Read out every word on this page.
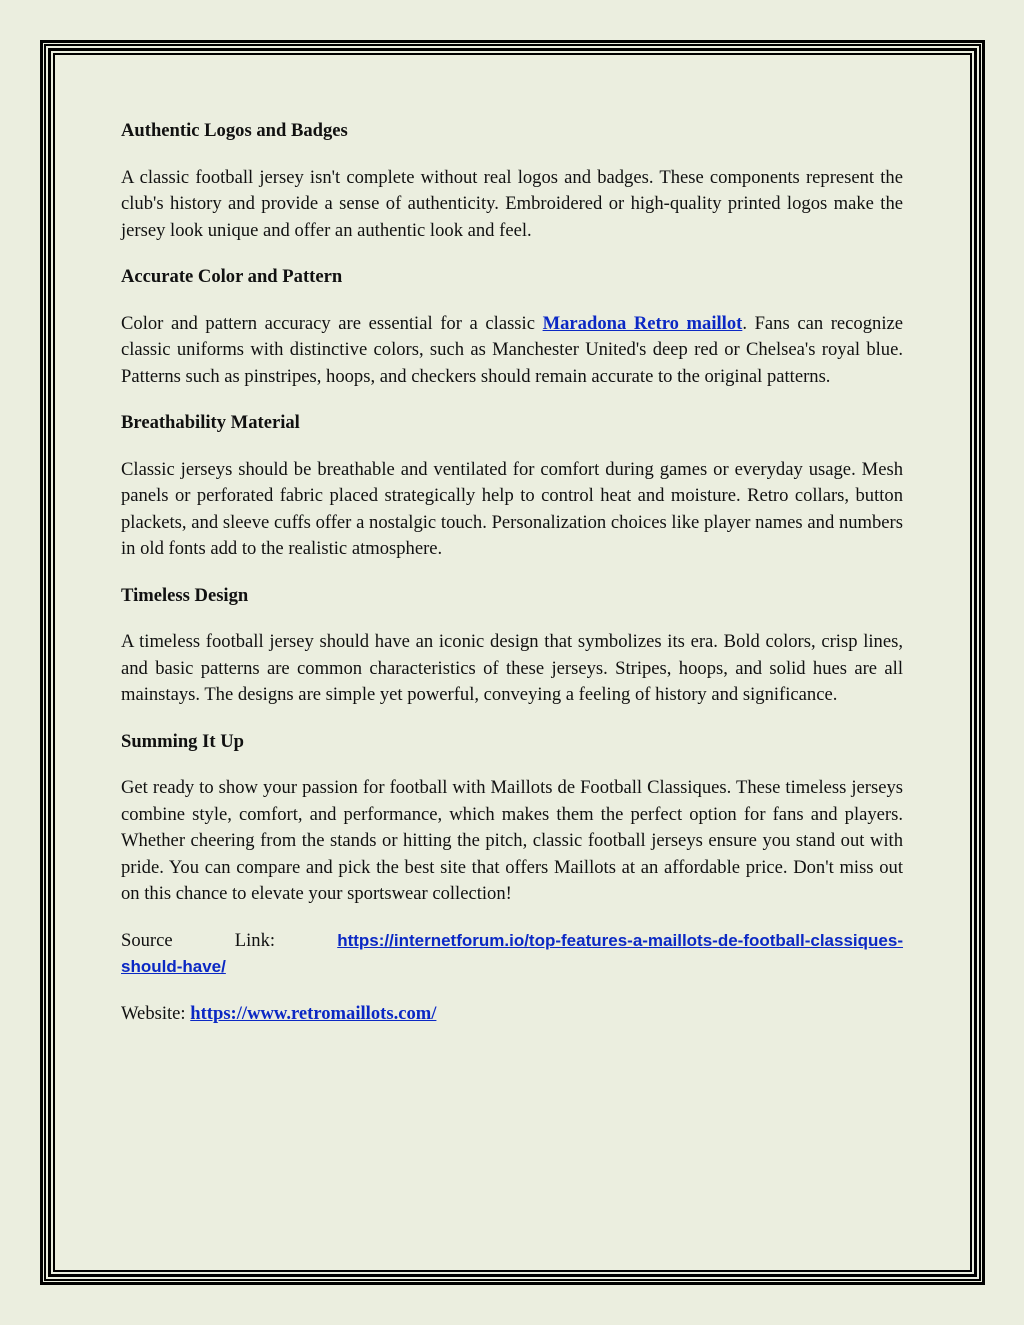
Authentic Logos and Badges
A classic football jersey isn't complete without real logos and badges. These components represent the club's history and provide a sense of authenticity. Embroidered or high-quality printed logos make the jersey look unique and offer an authentic look and feel.
Accurate Color and Pattern
Color and pattern accuracy are essential for a classic Maradona Retro maillot. Fans can recognize classic uniforms with distinctive colors, such as Manchester United's deep red or Chelsea's royal blue. Patterns such as pinstripes, hoops, and checkers should remain accurate to the original patterns.
Breathability Material
Classic jerseys should be breathable and ventilated for comfort during games or everyday usage. Mesh panels or perforated fabric placed strategically help to control heat and moisture. Retro collars, button plackets, and sleeve cuffs offer a nostalgic touch. Personalization choices like player names and numbers in old fonts add to the realistic atmosphere.
Timeless Design
A timeless football jersey should have an iconic design that symbolizes its era. Bold colors, crisp lines, and basic patterns are common characteristics of these jerseys. Stripes, hoops, and solid hues are all mainstays. The designs are simple yet powerful, conveying a feeling of history and significance.
Summing It Up
Get ready to show your passion for football with Maillots de Football Classiques. These timeless jerseys combine style, comfort, and performance, which makes them the perfect option for fans and players. Whether cheering from the stands or hitting the pitch, classic football jerseys ensure you stand out with pride. You can compare and pick the best site that offers Maillots at an affordable price. Don't miss out on this chance to elevate your sportswear collection!
Source	Link:	https://internetforum.io/top-features-a-maillots-de-football-classiques-
should-have/
Website: https://www.retromaillots.com/
